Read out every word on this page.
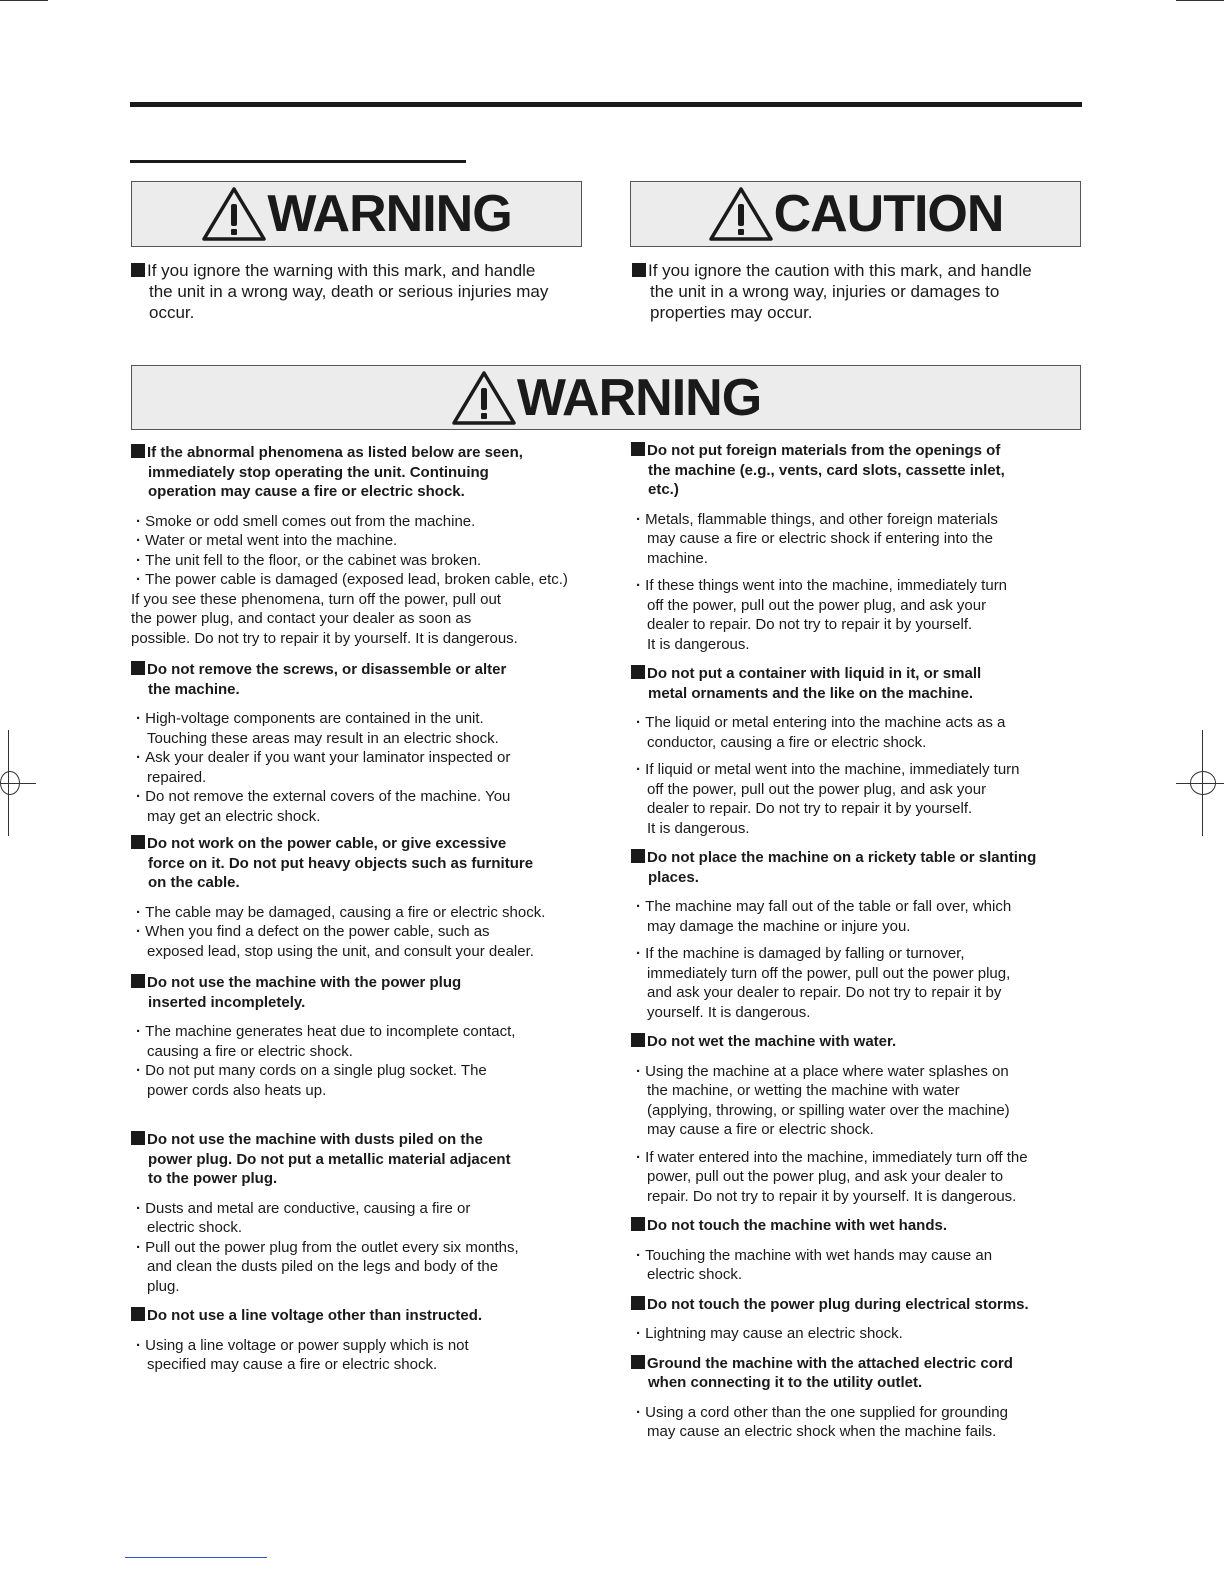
WARNING	CAUTION
If you ignore the warning with this mark, and handle
the unit in a wrong way, death or serious injuries may
occur.
If you ignore the caution with this mark, and handle
the unit in a wrong way, injuries or damages to
properties may occur.
WARNING
If the abnormal phenomena as listed below are seen,
immediately stop operating the unit. Continuing
operation may cause a fire or electric shock.
· Smoke or odd smell comes out from the machine.
· Water or metal went into the machine.
· The unit fell to the floor, or the cabinet was broken.
· The power cable is damaged (exposed lead, broken cable, etc.)
If you see these phenomena, turn off the power, pull out
the power plug, and contact your dealer as soon as
possible. Do not try to repair it by yourself. It is dangerous.
Do not remove the screws, or disassemble or alter
the machine.
· High-voltage components are contained in the unit.
Touching these areas may result in an electric shock.
· Ask your dealer if you want your laminator inspected or
repaired.
· Do not remove the external covers of the machine. You
may get an electric shock.
Do not work on the power cable, or give excessive
force on it. Do not put heavy objects such as furniture
on the cable.
· The cable may be damaged, causing a fire or electric shock.
· When you find a defect on the power cable, such as
exposed lead, stop using the unit, and consult your dealer.
Do not use the machine with the power plug
inserted incompletely.
· The machine generates heat due to incomplete contact,
causing a fire or electric shock.
· Do not put many cords on a single plug socket. The
power cords also heats up.
Do not use the machine with dusts piled on the
power plug. Do not put a metallic material adjacent
to the power plug.
· Dusts and metal are conductive, causing a fire or
electric shock.
· Pull out the power plug from the outlet every six months,
and clean the dusts piled on the legs and body of the
plug.
Do not use a line voltage other than instructed.
· Using a line voltage or power supply which is not
specified may cause a fire or electric shock.
Do not put foreign materials from the openings of
the machine (e.g., vents, card slots, cassette inlet,
etc.)
· Metals, flammable things, and other foreign materials
may cause a fire or electric shock if entering into the
machine.
· If these things went into the machine, immediately turn
off the power, pull out the power plug, and ask your
dealer to repair. Do not try to repair it by yourself.
It is dangerous.
Do not put a container with liquid in it, or small
metal ornaments and the like on the machine.
· The liquid or metal entering into the machine acts as a
conductor, causing a fire or electric shock.
· If liquid or metal went into the machine, immediately turn
off the power, pull out the power plug, and ask your
dealer to repair. Do not try to repair it by yourself.
It is dangerous.
Do not place the machine on a rickety table or slanting
places.
· The machine may fall out of the table or fall over, which
may damage the machine or injure you.
· If the machine is damaged by falling or turnover,
immediately turn off the power, pull out the power plug,
and ask your dealer to repair. Do not try to repair it by
yourself. It is dangerous.
Do not wet the machine with water.
· Using the machine at a place where water splashes on
the machine, or wetting the machine with water
(applying, throwing, or spilling water over the machine)
may cause a fire or electric shock.
· If water entered into the machine, immediately turn off the
power, pull out the power plug, and ask your dealer to
repair. Do not try to repair it by yourself. It is dangerous.
Do not touch the machine with wet hands.
· Touching the machine with wet hands may cause an
electric shock.
Do not touch the power plug during electrical storms.
· Lightning may cause an electric shock.
Ground the machine with the attached electric cord
when connecting it to the utility outlet.
· Using a cord other than the one supplied for grounding
may cause an electric shock when the machine fails.
